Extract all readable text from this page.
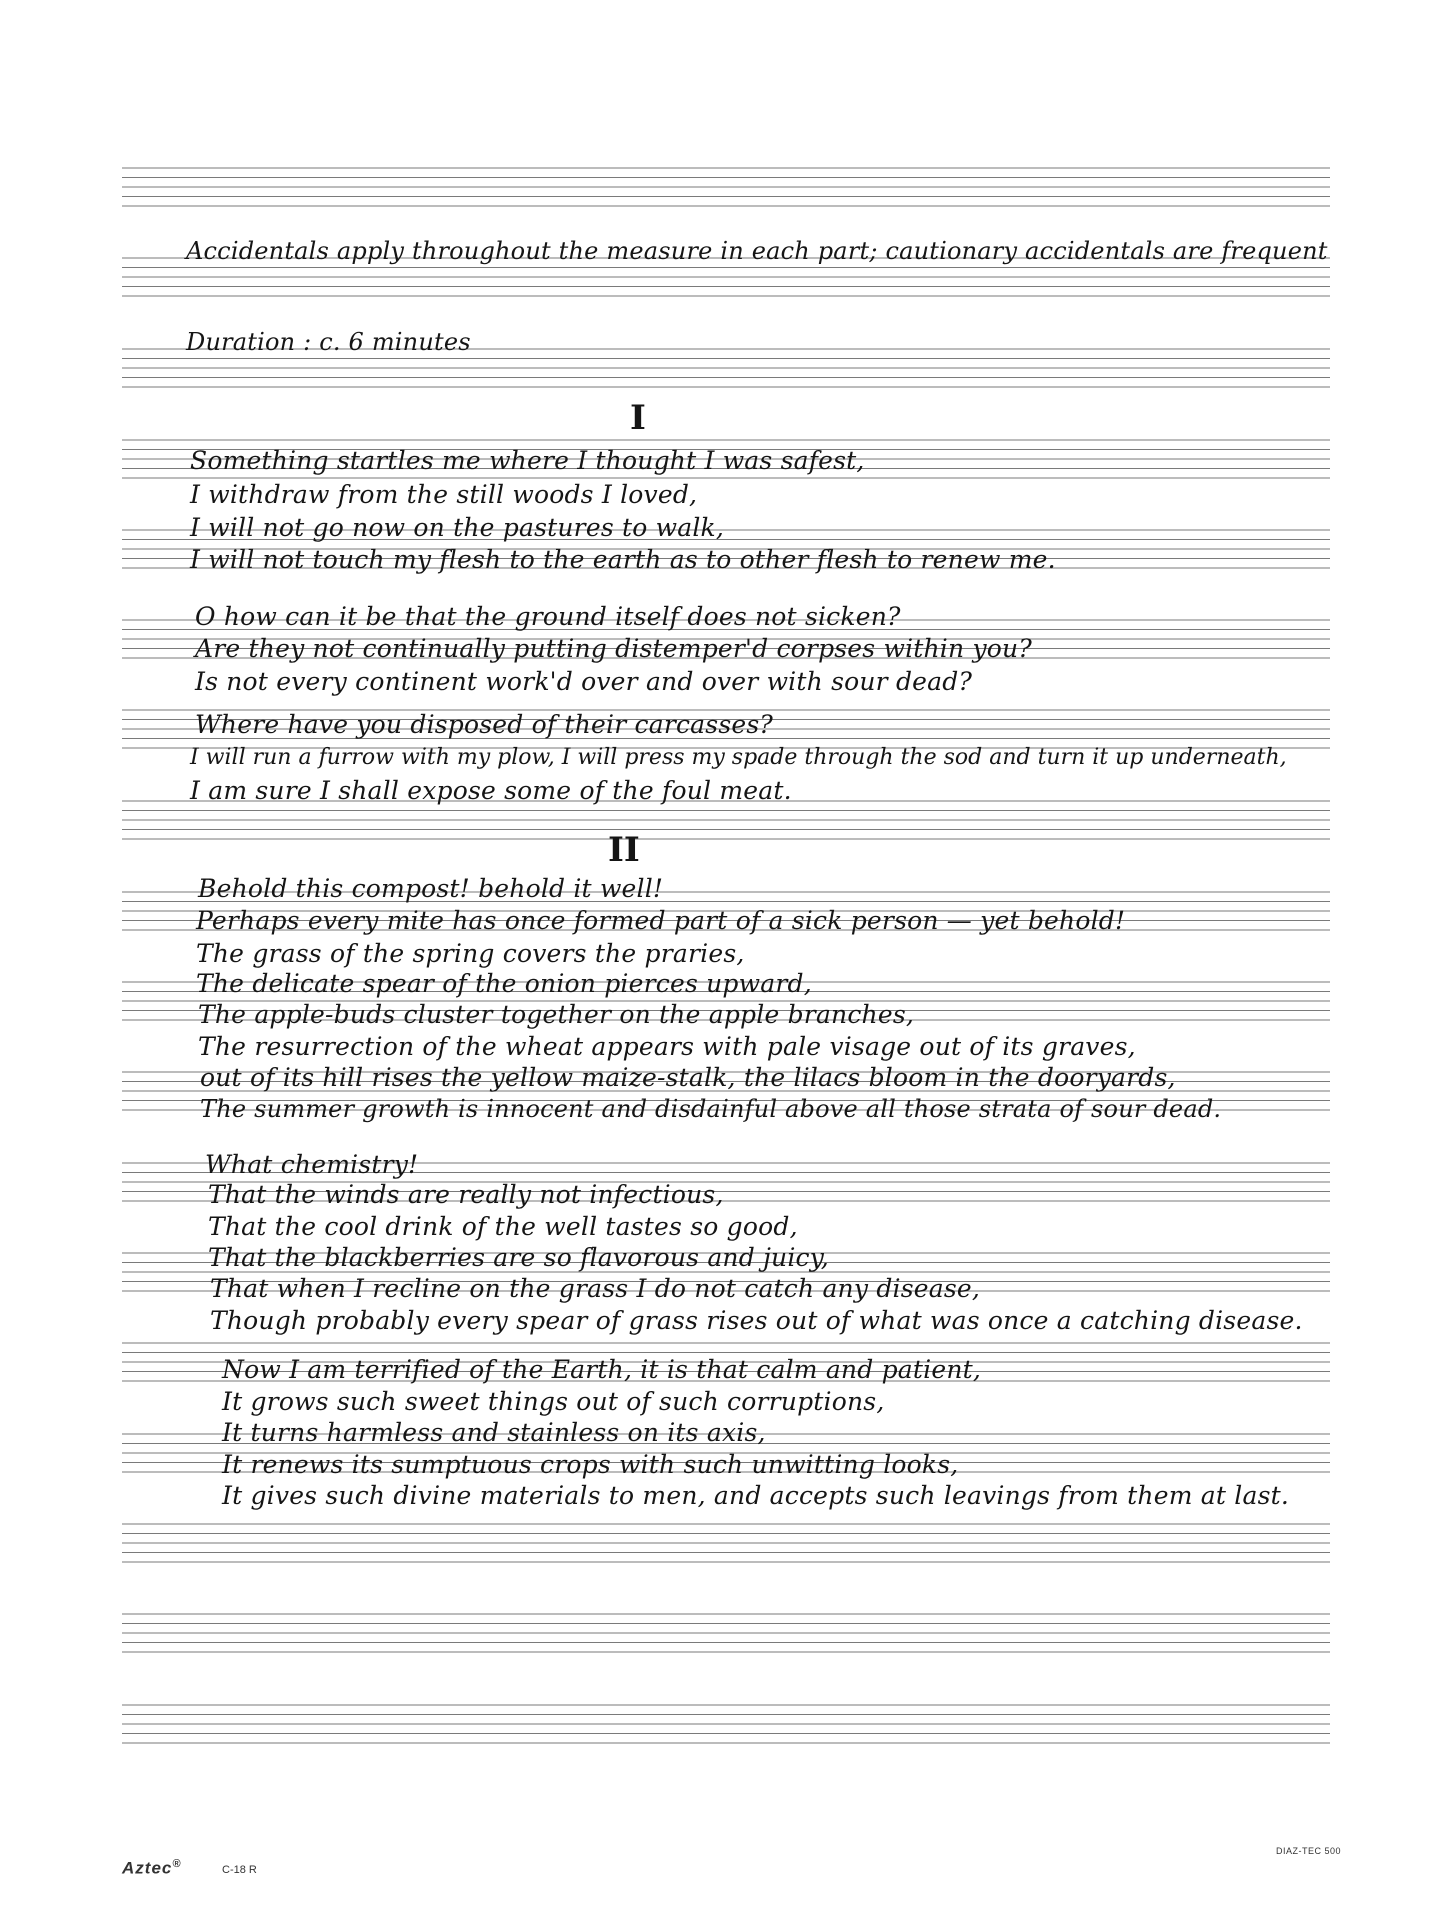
Accidentals apply throughout the measure in each part; cautionary accidentals are frequent
Duration : c. 6 minutes
I
Something startles me where I thought I was safest,
I withdraw from the still woods I loved,
I will not go now on the pastures to walk,
I will not touch my flesh to the earth as to other flesh to renew me.
O how can it be that the ground itself does not sicken?
Are they not continually putting distemper'd corpses within you?
Is not every continent work'd over and over with sour dead?
Where have you disposed of their carcasses?
I will run a furrow with my plow, I will press my spade through the sod and turn it up underneath,
I am sure I shall expose some of the foul meat.
II
Behold this compost! behold it well!
Perhaps every mite has once formed part of a sick person — yet behold!
The grass of the spring covers the praries,
The delicate spear of the onion pierces upward,
The apple-buds cluster together on the apple branches,
The resurrection of the wheat appears with pale visage out of its graves,
out of its hill rises the yellow maize-stalk, the lilacs bloom in the dooryards,
The summer growth is innocent and disdainful above all those strata of sour dead.
What chemistry!
That the winds are really not infectious,
That the cool drink of the well tastes so good,
That the blackberries are so flavorous and juicy,
That when I recline on the grass I do not catch any disease,
Though probably every spear of grass rises out of what was once a catching disease.
Now I am terrified of the Earth, it is that calm and patient,
It grows such sweet things out of such corruptions,
It turns harmless and stainless on its axis,
It renews its sumptuous crops with such unwitting looks,
It gives such divine materials to men, and accepts such leavings from them at last.
Aztec®	C-18 R
DIAZ-TEC 500
